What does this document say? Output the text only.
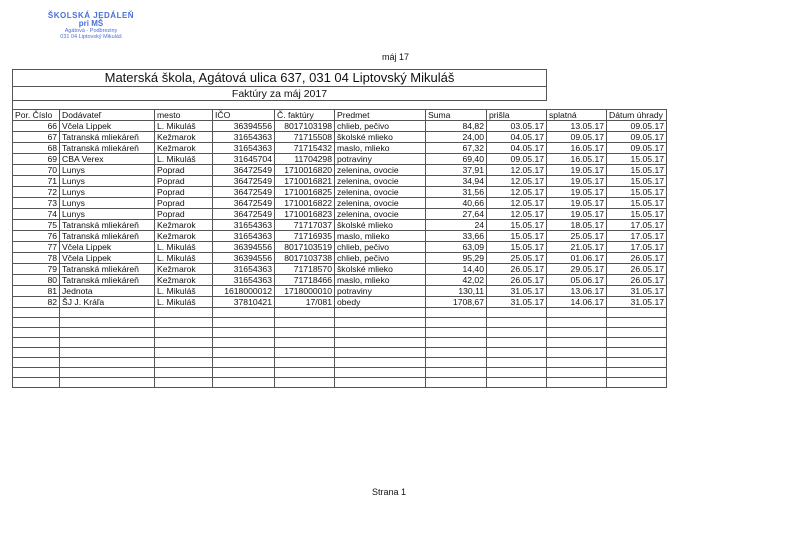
ŠKOLSKÁ JEDÁLEŇ
pri MŠ
Agátová - Podbreziny
031 04 Liptovský Mikuláš
máj 17
Materská škola, Agátová ulica 637, 031 04 Liptovský Mikuláš									
Faktúry za máj 2017									

Por. Číslo	Dodávateľ	mesto	IČO	Č. faktúry	Predmet	Suma	prišla	splatná	Dátum úhrady
66	Včela Lippek	L. Mikuláš	36394556	8017103198	chlieb, pečivo	84,82	03.05.17	13.05.17	09.05.17
67	Tatranská mliekáreň	Kežmarok	31654363	71715508	školské mlieko	24,00	04.05.17	09.05.17	09.05.17
68	Tatranská mliekáreň	Kežmarok	31654363	71715432	maslo, mlieko	67,32	04.05.17	16.05.17	09.05.17
69	CBA Verex	L. Mikuláš	31645704	11704298	potraviny	69,40	09.05.17	16.05.17	15.05.17
70	Lunys	Poprad	36472549	1710016820	zelenina, ovocie	37,91	12.05.17	19.05.17	15.05.17
71	Lunys	Poprad	36472549	1710016821	zelenina, ovocie	34,94	12.05.17	19.05.17	15.05.17
72	Lunys	Poprad	36472549	1710016825	zelenina, ovocie	31,56	12.05.17	19.05.17	15.05.17
73	Lunys	Poprad	36472549	1710016822	zelenina, ovocie	40,66	12.05.17	19.05.17	15.05.17
74	Lunys	Poprad	36472549	1710016823	zelenina, ovocie	27,64	12.05.17	19.05.17	15.05.17
75	Tatranská mliekáreň	Kežmarok	31654363	71717037	školské mlieko	24	15.05.17	18.05.17	17.05.17
76	Tatranská mliekáreň	Kežmarok	31654363	71716935	maslo, mlieko	33,66	15.05.17	25.05.17	17.05.17
77	Včela Lippek	L. Mikuláš	36394556	8017103519	chlieb, pečivo	63,09	15.05.17	21.05.17	17.05.17
78	Včela Lippek	L. Mikuláš	36394556	8017103738	chlieb, pečivo	95,29	25.05.17	01.06.17	26.05.17
79	Tatranská mliekáreň	Kežmarok	31654363	71718570	školské mlieko	14,40	26.05.17	29.05.17	26.05.17
80	Tatranská mliekáreň	Kežmarok	31654363	71718466	maslo, mlieko	42,02	26.05.17	05.06.17	26.05.17
81	Jednota	L. Mikuláš	1618000012	1718000010	potraviny	130,11	31.05.17	13.06.17	31.05.17
82	ŠJ J. Kráľa	L. Mikuláš	37810421	17/081	obedy	1708,67	31.05.17	14.06.17	31.05.17

Strana 1
